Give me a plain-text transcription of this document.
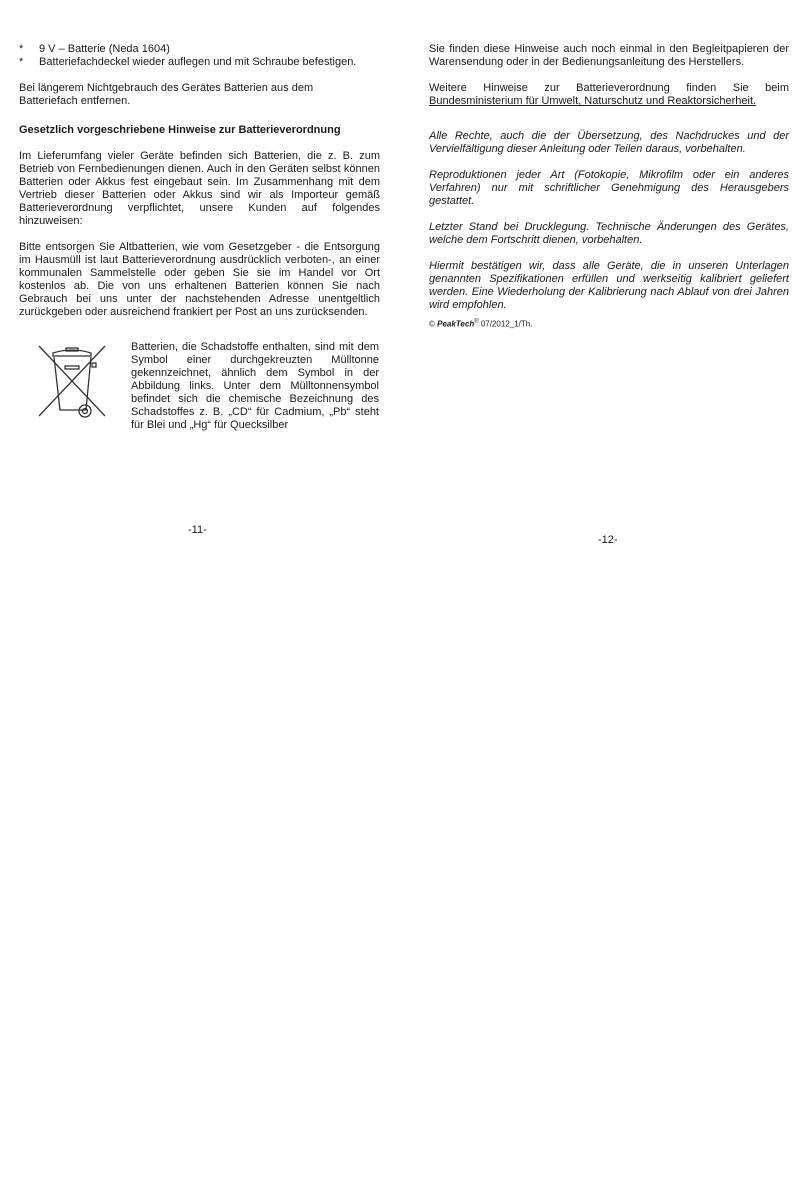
* 9 V – Batterie (Neda 1604)
* Batteriefachdeckel wieder auflegen und mit Schraube befestigen.

Bei längerem Nichtgebrauch des Gerätes Batterien aus dem Batteriefach entfernen.

Gesetzlich vorgeschriebene Hinweise zur Batterieverordnung

Im Lieferumfang vieler Geräte befinden sich Batterien, die z. B. zum Betrieb von Fernbedienungen dienen. Auch in den Geräten selbst können Batterien oder Akkus fest eingebaut sein. Im Zusammenhang mit dem Vertrieb dieser Batterien oder Akkus sind wir als Importeur gemäß Batterieverordnung verpflichtet, unsere Kunden auf folgendes hinzuweisen:

Bitte entsorgen Sie Altbatterien, wie vom Gesetzgeber - die Entsorgung im Hausmüll ist laut Batterieverordnung ausdrücklich verboten-, an einer kommunalen Sammelstelle oder geben Sie sie im Handel vor Ort kostenlos ab. Die von uns erhaltenen Batterien können Sie nach Gebrauch bei uns unter der nachstehenden Adresse unentgeltlich zurückgeben oder ausreichend frankiert per Post an uns zurücksenden.

Batterien, die Schadstoffe enthalten, sind mit dem Symbol einer durchgekreuzten Mülltonne gekennzeichnet, ähnlich dem Symbol in der Abbildung links. Unter dem Mülltonnensymbol befindet sich die chemische Bezeichnung des Schadstoffes z. B. „CD“ für Cadmium, „Pb“ steht für Blei und „Hg“ für Quecksilber

-11-

Sie finden diese Hinweise auch noch einmal in den Begleitpapieren der Warensendung oder in der Bedienungsanleitung des Herstellers.

Weitere Hinweise zur Batterieverordnung finden Sie beim
Bundesministerium für Umwelt, Naturschutz und Reaktorsicherheit.

Alle Rechte, auch die der Übersetzung, des Nachdruckes und der Vervielfältigung dieser Anleitung oder Teilen daraus, vorbehalten.

Reproduktionen jeder Art (Fotokopie, Mikrofilm oder ein anderes Verfahren) nur mit schriftlicher Genehmigung des Herausgebers gestattet.

Letzter Stand bei Drucklegung. Technische Änderungen des Gerätes, welche dem Fortschritt dienen, vorbehalten.

Hiermit bestätigen wir, dass alle Geräte, die in unseren Unterlagen genannten Spezifikationen erfüllen und werkseitig kalibriert geliefert werden. Eine Wiederholung der Kalibrierung nach Ablauf von drei Jahren wird empfohlen.

© PeakTech® 07/2012_1/Th.
-12-
